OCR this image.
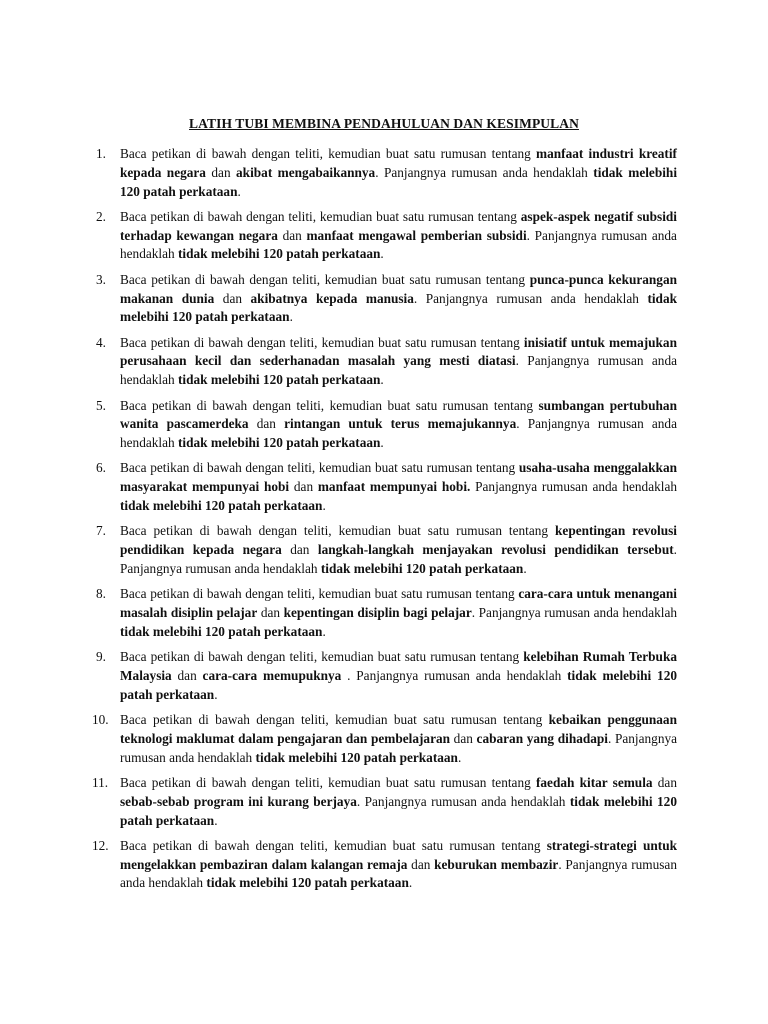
LATIH TUBI MEMBINA PENDAHULUAN DAN KESIMPULAN
1. Baca petikan di bawah dengan teliti, kemudian buat satu rumusan tentang manfaat industri kreatif kepada negara dan akibat mengabaikannya. Panjangnya rumusan anda hendaklah tidak melebihi 120 patah perkataan.
2. Baca petikan di bawah dengan teliti, kemudian buat satu rumusan tentang aspek-aspek negatif subsidi terhadap kewangan negara dan manfaat mengawal pemberian subsidi. Panjangnya rumusan anda hendaklah tidak melebihi 120 patah perkataan.
3. Baca petikan di bawah dengan teliti, kemudian buat satu rumusan tentang punca-punca kekurangan makanan dunia dan akibatnya kepada manusia. Panjangnya rumusan anda hendaklah tidak melebihi 120 patah perkataan.
4. Baca petikan di bawah dengan teliti, kemudian buat satu rumusan tentang inisiatif untuk memajukan perusahaan kecil dan sederhanadan masalah yang mesti diatasi. Panjangnya rumusan anda hendaklah tidak melebihi 120 patah perkataan.
5. Baca petikan di bawah dengan teliti, kemudian buat satu rumusan tentang sumbangan pertubuhan wanita pascamerdeka dan rintangan untuk terus memajukannya. Panjangnya rumusan anda hendaklah tidak melebihi 120 patah perkataan.
6. Baca petikan di bawah dengan teliti, kemudian buat satu rumusan tentang usaha-usaha menggalakkan masyarakat mempunyai hobi dan manfaat mempunyai hobi. Panjangnya rumusan anda hendaklah tidak melebihi 120 patah perkataan.
7. Baca petikan di bawah dengan teliti, kemudian buat satu rumusan tentang kepentingan revolusi pendidikan kepada negara dan langkah-langkah menjayakan revolusi pendidikan tersebut. Panjangnya rumusan anda hendaklah tidak melebihi 120 patah perkataan.
8. Baca petikan di bawah dengan teliti, kemudian buat satu rumusan tentang cara-cara untuk menangani masalah disiplin pelajar dan kepentingan disiplin bagi pelajar. Panjangnya rumusan anda hendaklah tidak melebihi 120 patah perkataan.
9. Baca petikan di bawah dengan teliti, kemudian buat satu rumusan tentang kelebihan Rumah Terbuka Malaysia dan cara-cara memupuknya . Panjangnya rumusan anda hendaklah tidak melebihi 120 patah perkataan.
10. Baca petikan di bawah dengan teliti, kemudian buat satu rumusan tentang kebaikan penggunaan teknologi maklumat dalam pengajaran dan pembelajaran dan cabaran yang dihadapi. Panjangnya rumusan anda hendaklah tidak melebihi 120 patah perkataan.
11. Baca petikan di bawah dengan teliti, kemudian buat satu rumusan tentang faedah kitar semula dan sebab-sebab program ini kurang berjaya. Panjangnya rumusan anda hendaklah tidak melebihi 120 patah perkataan.
12. Baca petikan di bawah dengan teliti, kemudian buat satu rumusan tentang strategi-strategi untuk mengelakkan pembaziran dalam kalangan remaja dan keburukan membazir. Panjangnya rumusan anda hendaklah tidak melebihi 120 patah perkataan.
